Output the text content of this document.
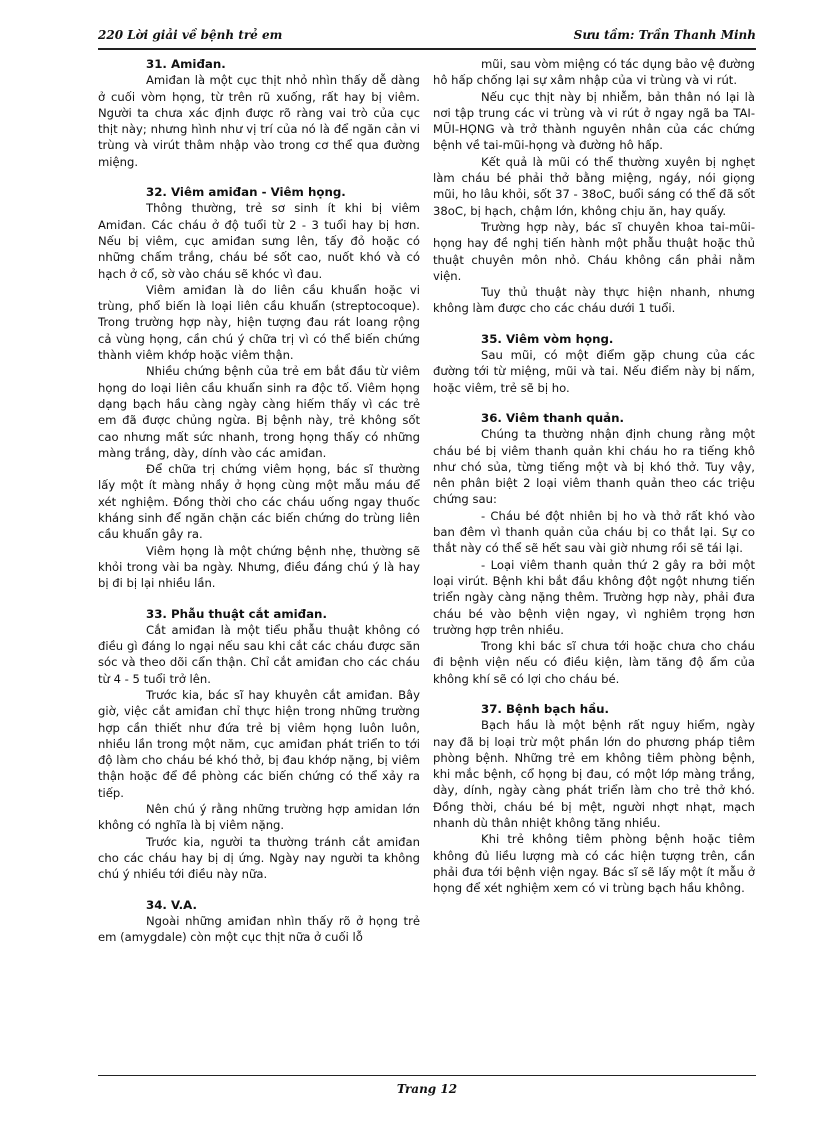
220 Lời giải về bệnh trẻ em	Sưu tầm: Trần Thanh Minh
31. Amiđan.

Amiđan là một cục thịt nhỏ nhìn thấy dễ dàng ở cuối vòm họng, từ trên rũ xuống, rất hay bị viêm. Người ta chưa xác định được rõ ràng vai trò của cục thịt này; nhưng hình như vị trí của nó là để ngăn cản vi trùng và virút thâm nhập vào trong cơ thể qua đường miệng.

32. Viêm amiđan - Viêm họng.

Thông thường, trẻ sơ sinh ít khi bị viêm Amiđan. Các cháu ở độ tuổi từ 2 - 3 tuổi hay bị hơn. Nếu bị viêm, cục amiđan sưng lên, tấy đỏ hoặc có những chấm trắng, cháu bé sốt cao, nuốt khó và có hạch ở cổ, sờ vào cháu sẽ khóc vì đau.

Viêm amiđan là do liên cầu khuẩn hoặc vi trùng, phổ biến là loại liên cầu khuẩn (streptocoque). Trong trường hợp này, hiện tượng đau rát loang rộng cả vùng họng, cần chú ý chữa trị vì có thể biến chứng thành viêm khớp hoặc viêm thận.

Nhiều chứng bệnh của trẻ em bắt đầu từ viêm họng do loại liên cầu khuẩn sinh ra độc tố. Viêm họng dạng bạch hầu càng ngày càng hiếm thấy vì các trẻ em đã được chủng ngừa. Bị bệnh này, trẻ không sốt cao nhưng mất sức nhanh, trong họng thấy có những màng trắng, dày, dính vào các amiđan.

Để chữa trị chứng viêm họng, bác sĩ thường lấy một ít màng nhầy ở họng cùng một mẫu máu để xét nghiệm. Đồng thời cho các cháu uống ngay thuốc kháng sinh để ngăn chặn các biến chứng do trùng liên cầu khuẩn gây ra.

Viêm họng là một chứng bệnh nhẹ, thường sẽ khỏi trong vài ba ngày. Nhưng, điều đáng chú ý là hay bị đi bị lại nhiều lần.

33. Phẫu thuật cắt amiđan.

Cắt amiđan là một tiểu phẫu thuật không có điều gì đáng lo ngại nếu sau khi cắt các cháu được săn sóc và theo dõi cẩn thận. Chỉ cắt amiđan cho các cháu từ 4 - 5 tuổi trở lên.

Trước kia, bác sĩ hay khuyên cắt amiđan. Bây giờ, việc cắt amiđan chỉ thực hiện trong những trường hợp cần thiết như đứa trẻ bị viêm họng luôn luôn, nhiều lần trong một năm, cục amiđan phát triển to tới độ làm cho cháu bé khó thở, bị đau khớp nặng, bị viêm thận hoặc để đề phòng các biến chứng có thể xảy ra tiếp.

Nên chú ý rằng những trường hợp amidan lớn không có nghĩa là bị viêm nặng.

Trước kia, người ta thường tránh cắt amiđan cho các cháu hay bị dị ứng. Ngày nay người ta không chú ý nhiều tới điều này nữa.

34. V.A.

Ngoài những amiđan nhìn thấy rõ ở họng trẻ em (amygdale) còn một cục thịt nữa ở cuối lỗ

mũi, sau vòm miệng có tác dụng bảo vệ đường hô hấp chống lại sự xâm nhập của vi trùng và vi rút.

Nếu cục thịt này bị nhiễm, bản thân nó lại là nơi tập trung các vi trùng và vi rút ở ngay ngã ba TAI-MŨI-HỌNG và trở thành nguyên nhân của các chứng bệnh về tai-mũi-họng và đường hô hấp.

Kết quả là mũi có thể thường xuyên bị nghẹt làm cháu bé phải thở bằng miệng, ngáy, nói giọng mũi, ho lâu khỏi, sốt 37 - 38oC, buổi sáng có thể đã sốt 38oC, bị hạch, chậm lớn, không chịu ăn, hay quấy.

Trường hợp này, bác sĩ chuyên khoa tai-mũi-họng hay đề nghị tiến hành một phẫu thuật hoặc thủ thuật chuyên môn nhỏ. Cháu không cần phải nằm viện.

Tuy thủ thuật này thực hiện nhanh, nhưng không làm được cho các cháu dưới 1 tuổi.

35. Viêm vòm họng.

Sau mũi, có một điểm gặp chung của các đường tới từ miệng, mũi và tai. Nếu điểm này bị nấm, hoặc viêm, trẻ sẽ bị ho.

36. Viêm thanh quản.

Chúng ta thường nhận định chung rằng một cháu bé bị viêm thanh quản khi cháu ho ra tiếng khô như chó sủa, từng tiếng một và bị khó thở. Tuy vậy, nên phân biệt 2 loại viêm thanh quản theo các triệu chứng sau:

- Cháu bé đột nhiên bị ho và thở rất khó vào ban đêm vì thanh quản của cháu bị co thắt lại. Sự co thắt này có thể sẽ hết sau vài giờ nhưng rồi sẽ tái lại.

- Loại viêm thanh quản thứ 2 gây ra bởi một loại virút. Bệnh khi bắt đầu không đột ngột nhưng tiến triển ngày càng nặng thêm. Trường hợp này, phải đưa cháu bé vào bệnh viện ngay, vì nghiêm trọng hơn trường hợp trên nhiều.

Trong khi bác sĩ chưa tới hoặc chưa cho cháu đi bệnh viện nếu có điều kiện, làm tăng độ ẩm của không khí sẽ có lợi cho cháu bé.

37. Bệnh bạch hầu.

Bạch hầu là một bệnh rất nguy hiểm, ngày nay đã bị loại trừ một phần lớn do phương pháp tiêm phòng bệnh. Những trẻ em không tiêm phòng bệnh, khi mắc bệnh, cổ họng bị đau, có một lớp màng trắng, dày, dính, ngày càng phát triển làm cho trẻ thở khó. Đồng thời, cháu bé bị mệt, người nhợt nhạt, mạch nhanh dù thân nhiệt không tăng nhiều.

Khi trẻ không tiêm phòng bệnh hoặc tiêm không đủ liều lượng mà có các hiện tượng trên, cần phải đưa tới bệnh viện ngay. Bác sĩ sẽ lấy một ít mẫu ở họng để xét nghiệm xem có vi trùng bạch hầu không.

Trang 12
